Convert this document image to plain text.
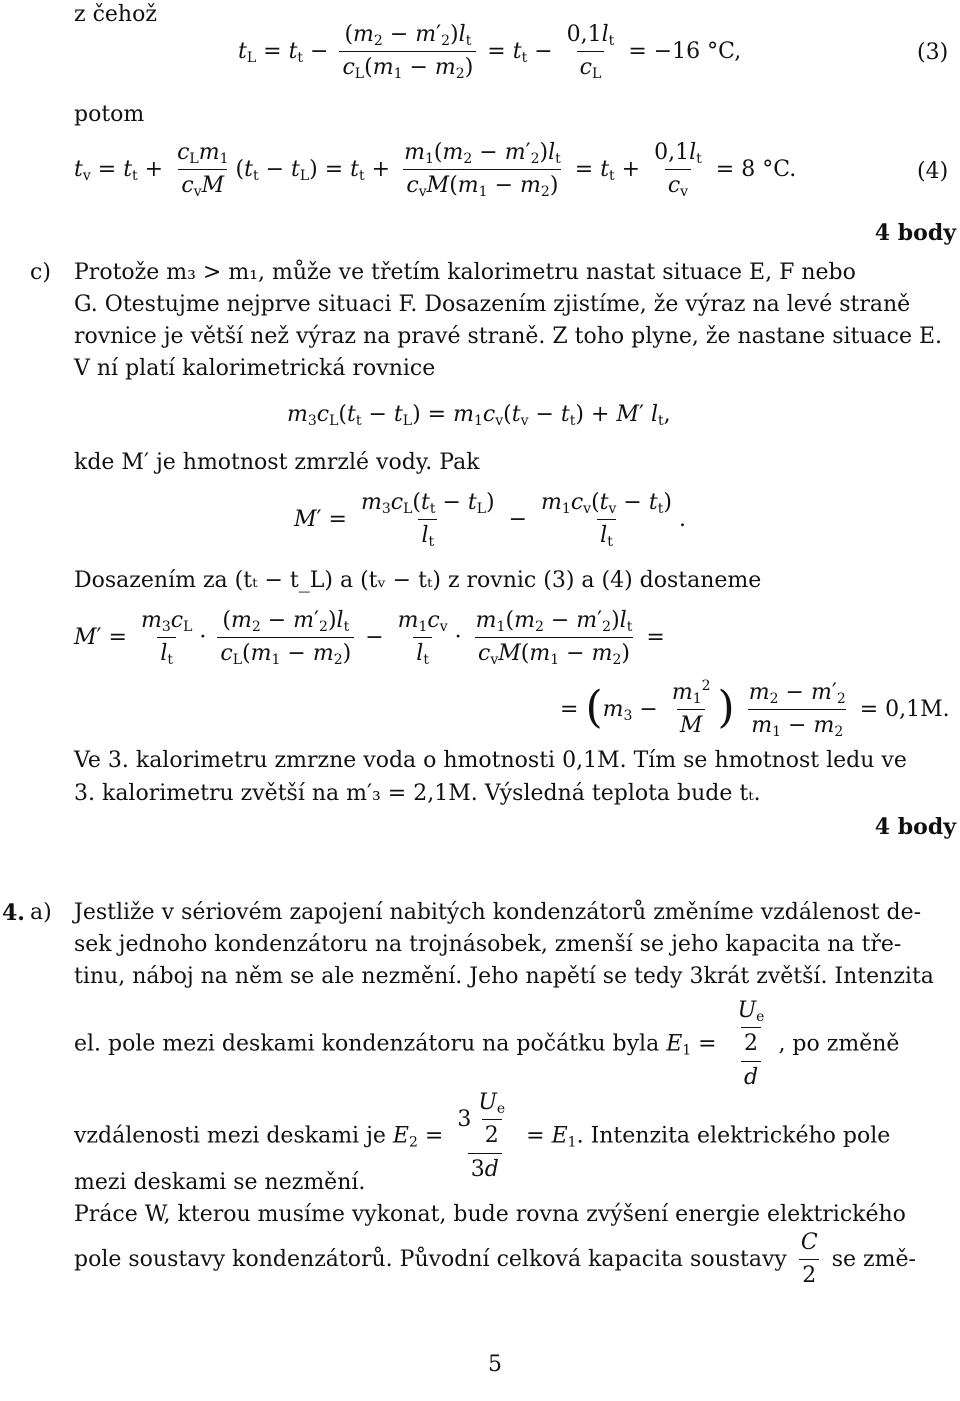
z čehož
$t_L = t_t - \frac{(m_2 - m'_2)l_t}{c_L(m_1 - m_2)} = t_t - \frac{0,1l_t}{c_L} = -16$ °C,	(3)
potom
$t_v = t_t + \frac{c_Lm_1}{c_vM} (t_t - t_L) = t_t + \frac{m_1(m_2 - m'_2)l_t}{c_vM(m_1 - m_2)} = t_t + \frac{0,1l_t}{c_v} = 8$ °C.	(4)
4 body
c) Protože m₃ > m₁, může ve třetím kalorimetru nastat situace E, F nebo
G. Otestujme nejprve situaci F. Dosazením zjistíme, že výraz na levé straně
rovnice je větší než výraz na pravé straně. Z toho plyne, že nastane situace E.
V ní platí kalorimetrická rovnice
$m_3c_L(t_t - t_L) = m_1c_v(t_v - t_t) + M'$ $l_t$,
kde M′ je hmotnost zmrzlé vody. Pak
$M' = \frac{m_3c_L(t_t - t_L)}{l_t} - \frac{m_1c_v(t_v - t_t)}{l_t}$ .
Dosazením za (tₜ − t_L) a (tᵥ − tₜ) z rovnic (3) a (4) dostaneme
$M' = \frac{m_3c_L}{l_t} \cdot \frac{(m_2 - m'_2)l_t}{c_L(m_1 - m_2)} - \frac{m_1c_v}{l_t} \cdot \frac{m_1(m_2 - m'_2)l_t}{c_vM(m_1 - m_2)}$ =
= ($m_3 - \frac{m_1^2}{M}$ ) $\frac{m_2 - m'_2}{m_1 - m_2} = 0,1M$.
Ve 3. kalorimetru zmrzne voda o hmotnosti 0,1M. Tím se hmotnost ledu ve
3. kalorimetru zvětší na m′₃ = 2,1M. Výsledná teplota bude tₜ.
4 body
4. a) Jestliže v sériovém zapojení nabitých kondenzátorů změníme vzdálenost de-
sek jednoho kondenzátoru na trojnásobek, zmenší se jeho kapacita na tře-
tinu, náboj na něm se ale nezmění. Jeho napětí se tedy 3krát zvětší. Intenzita
el. pole mezi deskami kondenzátoru na počátku byla $E_1 = \frac{\frac{U_e}{2}}{d}$ , po změně
vzdálenosti mezi deskami je $E_2 = \frac{3 \frac{U_e}{2}}{3d} = E_1$. Intenzita elektrického pole
mezi deskami se nezmění.
Práce W, kterou musíme vykonat, bude rovna zvýšení energie elektrického
pole soustavy kondenzátorů. Původní celková kapacita soustavy $\frac{C}{2}$ se změ-
5
